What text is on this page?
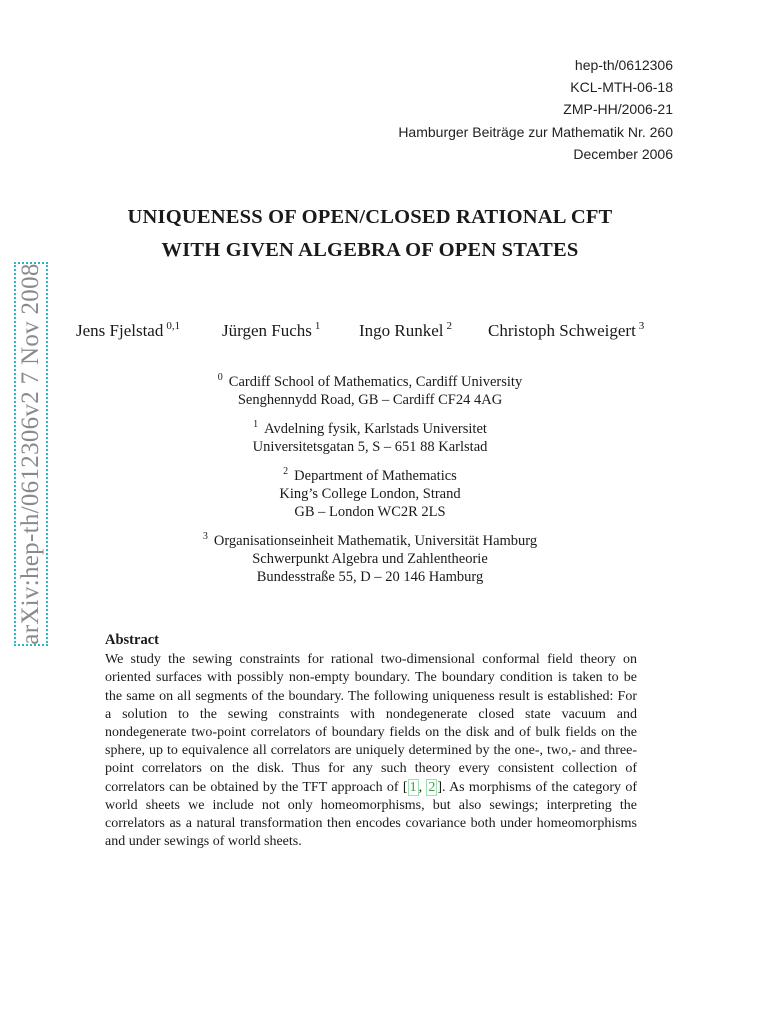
arXiv:hep-th/0612306v2 7 Nov 2008
hep-th/0612306
KCL-MTH-06-18
ZMP-HH/2006-21
Hamburger Beiträge zur Mathematik Nr. 260
December 2006
UNIQUENESS OF OPEN/CLOSED RATIONAL CFT
WITH GIVEN ALGEBRA OF OPEN STATES
Jens Fjelstad $^{0,1}$ Jürgen Fuchs $^1$ Ingo Runkel $^2$ Christoph Schweigert $^3$
$^0$ Cardiff School of Mathematics, Cardiff University
Senghennydd Road, GB – Cardiff CF24 4AG
$^1$ Avdelning fysik, Karlstads Universitet
Universitetsgatan 5, S – 651 88 Karlstad
$^2$ Department of Mathematics
King’s College London, Strand
GB – London WC2R 2LS
$^3$ Organisationseinheit Mathematik, Universität Hamburg
Schwerpunkt Algebra und Zahlentheorie
Bundesstraße 55, D – 20 146 Hamburg
Abstract
We study the sewing constraints for rational two-dimensional conformal field theory on oriented surfaces with possibly non-empty boundary. The boundary condition is taken to be the same on all segments of the boundary. The following uniqueness result is established: For a solution to the sewing constraints with nondegenerate closed state vacuum and nondegenerate two-point correlators of boundary fields on the disk and of bulk fields on the sphere, up to equivalence all correlators are uniquely determined by the one-, two,- and three-point correlators on the disk. Thus for any such theory every consistent collection of correlators can be obtained by the TFT approach of [ 1 , 2 ]. As morphisms of the category of world sheets we include not only homeomorphisms, but also sewings; interpreting the correlators as a natural transformation then encodes covariance both under homeomorphisms and under sewings of world sheets.
